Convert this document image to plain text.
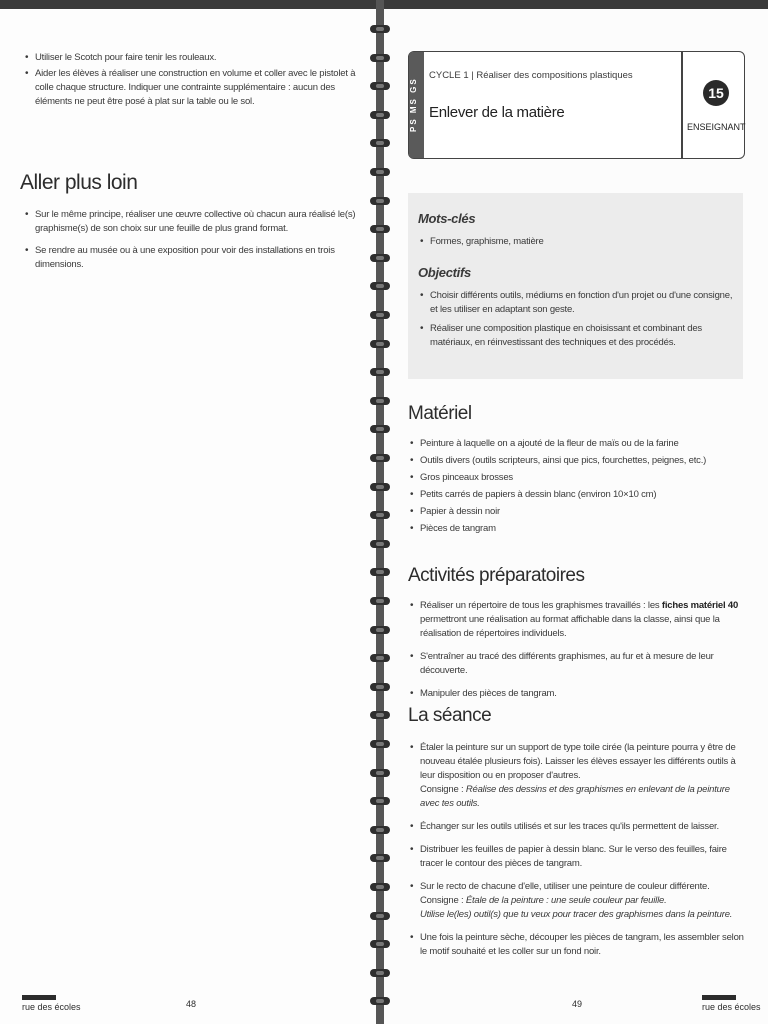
• Utiliser le Scotch pour faire tenir les rouleaux.
• Aider les élèves à réaliser une construction en volume et coller avec le pistolet à colle chaque structure. Indiquer une contrainte supplémentaire : aucun des éléments ne peut être posé à plat sur la table ou le sol.
Aller plus loin
• Sur le même principe, réaliser une œuvre collective où chacun aura réalisé le(s) graphisme(s) de son choix sur une feuille de plus grand format.
• Se rendre au musée ou à une exposition pour voir des installations en trois dimensions.
rue des écoles	48
PS MS GS
CYCLE 1 | Réaliser des compositions plastiques
Enlever de la matière
15
ENSEIGNANT
Mots-clés
• Formes, graphisme, matière
Objectifs
• Choisir différents outils, médiums en fonction d'un projet ou d'une consigne, et les utiliser en adaptant son geste.
• Réaliser une composition plastique en choisissant et combinant des matériaux, en réinvestissant des techniques et des procédés.
Matériel
• Peinture à laquelle on a ajouté de la fleur de maïs ou de la farine
• Outils divers (outils scripteurs, ainsi que pics, fourchettes, peignes, etc.)
• Gros pinceaux brosses
• Petits carrés de papiers à dessin blanc (environ 10×10 cm)
• Papier à dessin noir
• Pièces de tangram
Activités préparatoires
• Réaliser un répertoire de tous les graphismes travaillés : les fiches matériel 40 permettront une réalisation au format affichable dans la classe, ainsi que la réalisation de répertoires individuels.
• S'entraîner au tracé des différents graphismes, au fur et à mesure de leur découverte.
• Manipuler des pièces de tangram.
La séance
• Étaler la peinture sur un support de type toile cirée (la peinture pourra y être de nouveau étalée plusieurs fois). Laisser les élèves essayer les différents outils à leur disposition ou en proposer d'autres.
Consigne : Réalise des dessins et des graphismes en enlevant de la peinture avec tes outils.
• Échanger sur les outils utilisés et sur les traces qu'ils permettent de laisser.
• Distribuer les feuilles de papier à dessin blanc. Sur le verso des feuilles, faire tracer le contour des pièces de tangram.
• Sur le recto de chacune d'elle, utiliser une peinture de couleur différente.
Consigne : Étale de la peinture : une seule couleur par feuille.
Utilise le(les) outil(s) que tu veux pour tracer des graphismes dans la peinture.
• Une fois la peinture sèche, découper les pièces de tangram, les assembler selon le motif souhaité et les coller sur un fond noir.
49	rue des écoles
